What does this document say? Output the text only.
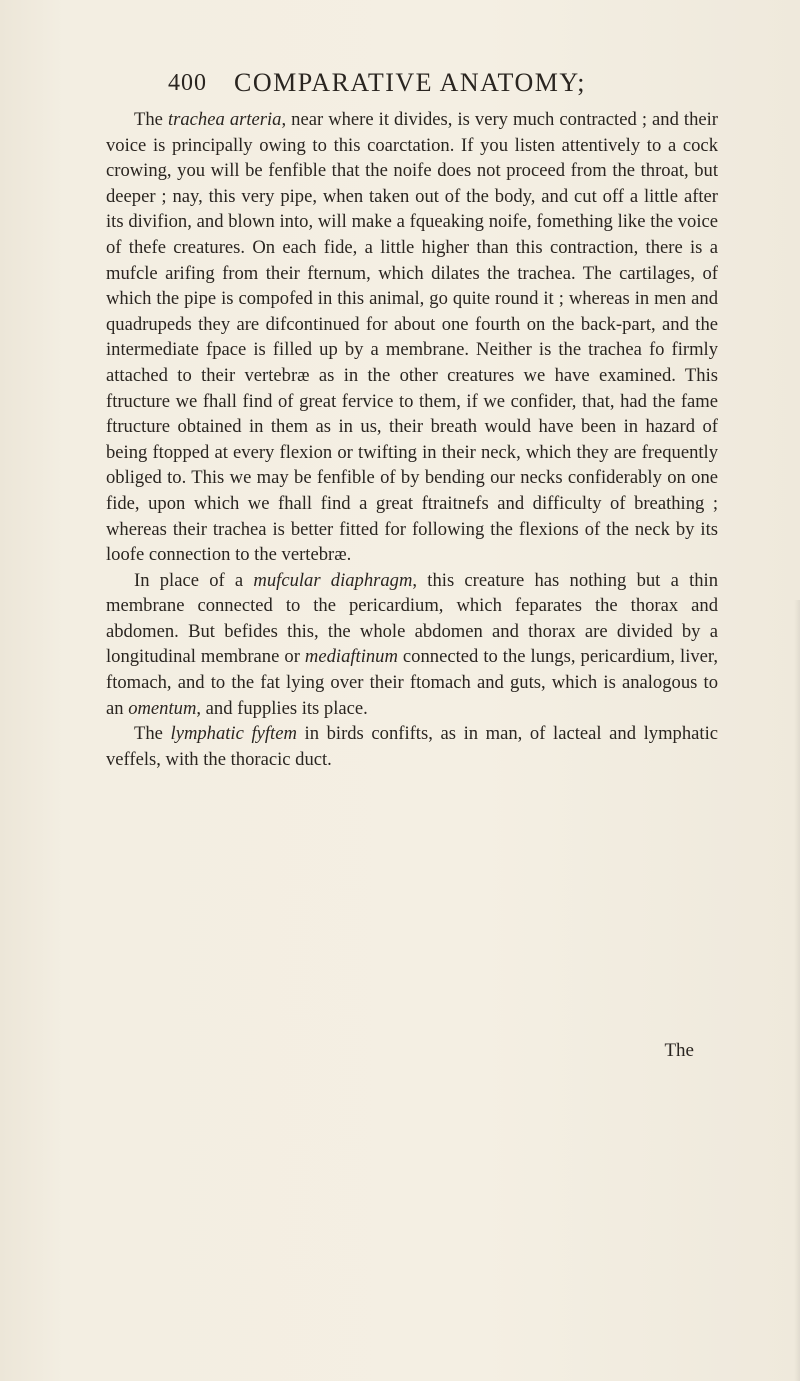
400 COMPARATIVE ANATOMY;

The trachea arteria, near where it divides, is very much contracted ; and their voice is principally owing to this coarctation. If you listen attentively to a cock crowing, you will be fenfible that the noife does not proceed from the throat, but deeper ; nay, this very pipe, when taken out of the body, and cut off a little after its divifion, and blown into, will make a fqueaking noife, fomething like the voice of thefe creatures. On each fide, a little higher than this contraction, there is a mufcle arifing from their fternum, which dilates the trachea. The cartilages, of which the pipe is compofed in this animal, go quite round it ; whereas in men and quadrupeds they are difcontinued for about one fourth on the back-part, and the intermediate fpace is filled up by a membrane. Neither is the trachea fo firmly attached to their vertebræ as in the other creatures we have examined. This ftructure we fhall find of great fervice to them, if we confider, that, had the fame ftructure obtained in them as in us, their breath would have been in hazard of being ftopped at every flexion or twifting in their neck, which they are frequently obliged to. This we may be fenfible of by bending our necks confiderably on one fide, upon which we fhall find a great ftraitnefs and difficulty of breathing ; whereas their trachea is better fitted for following the flexions of the neck by its loofe connection to the vertebræ.

In place of a mufcular diaphragm, this creature has nothing but a thin membrane connected to the pericardium, which feparates the thorax and abdomen. But befides this, the whole abdomen and thorax are divided by a longitudinal membrane or mediaftinum connected to the lungs, pericardium, liver, ftomach, and to the fat lying over their ftomach and guts, which is analogous to an omentum, and fupplies its place.

The lymphatic fyftem in birds confifts, as in man, of lacteal and lymphatic veffels, with the thoracic duct.

The
